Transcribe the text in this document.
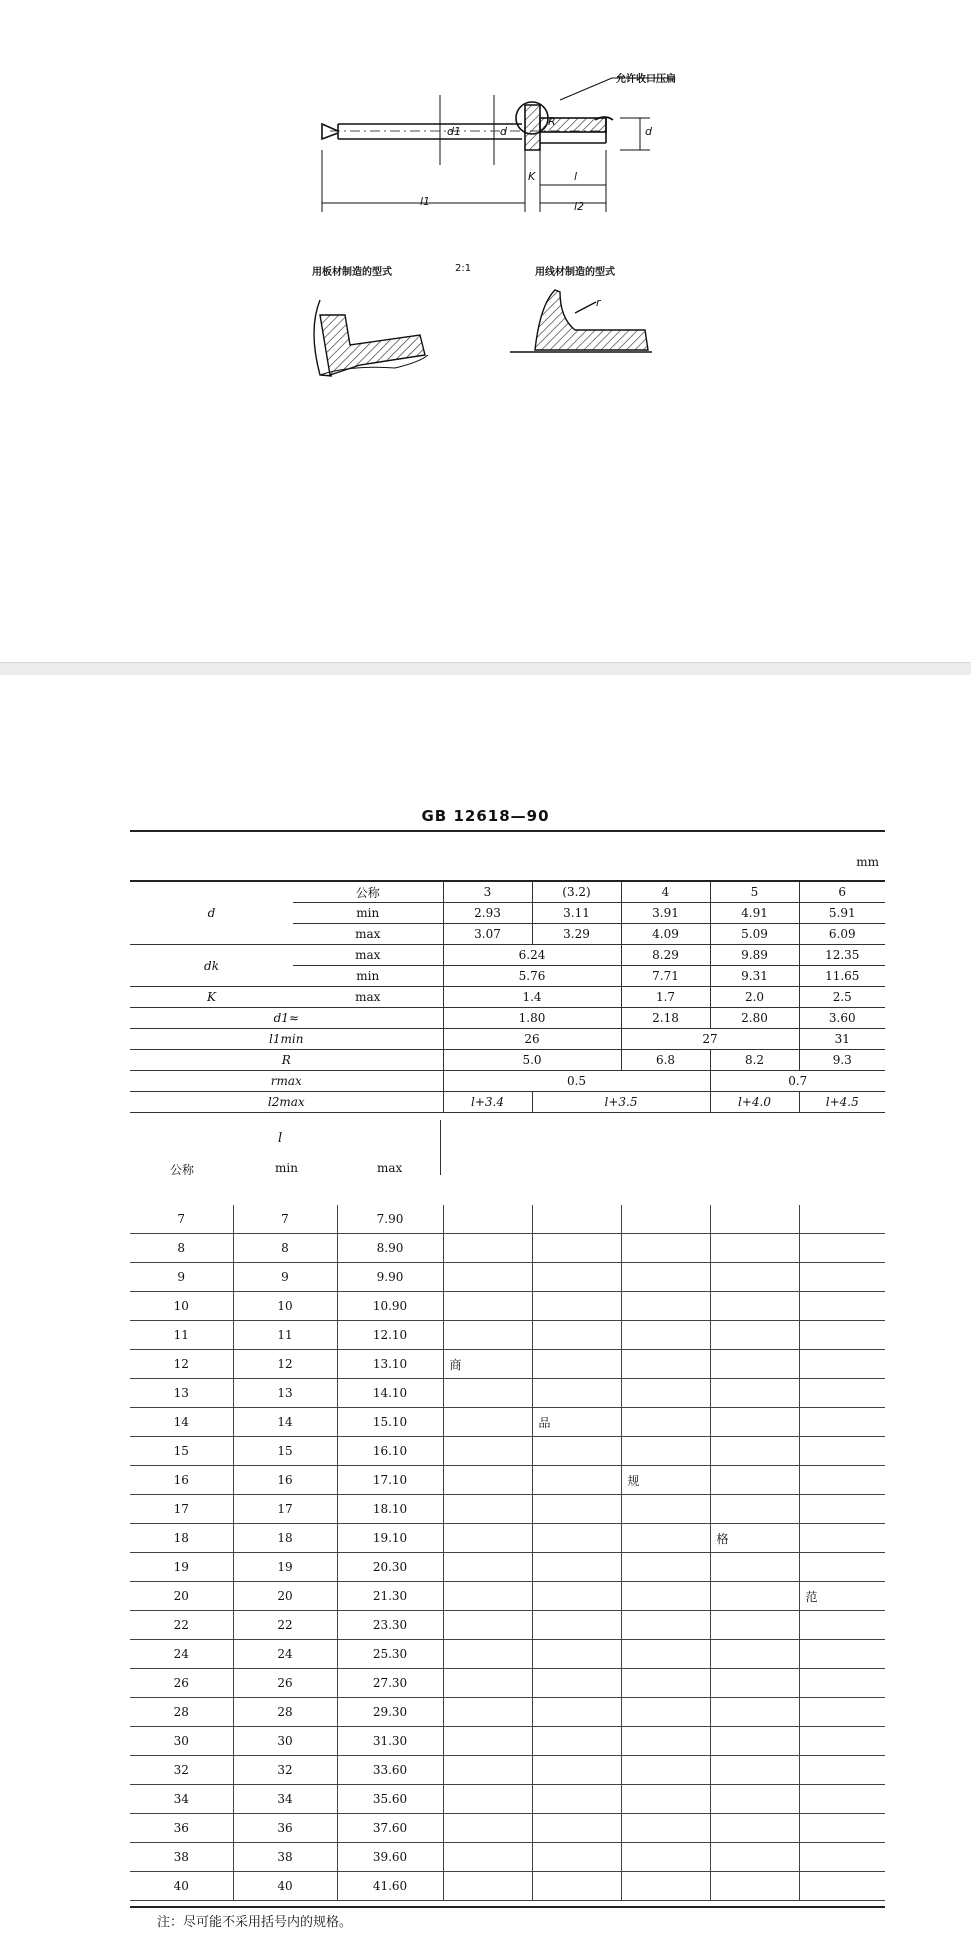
l1
l
l2
K
d1	d	d
R
r
允许收口压扁
用板材制造的型式	2:1	用线材制造的型式
GB 12618—90
mm
d	公称	3	(3.2)	4	5	6
	min	2.93	3.11	3.91	4.91	5.91
	max	3.07	3.29	4.09	5.09	6.09
dk	max	6.24		8.29	9.89	12.35
	min	5.76		7.71	9.31	11.65
K	max	1.4		1.7	2.0	2.5
d1≈		1.80		2.18	2.80	3.60
l1min		26		27		31
R		5.0		6.8	8.2	9.3
rmax		0.5			0.7	
l2max		l+3.4	l+3.5		l+4.0	l+4.5
l
公称	min	max
7	7	7.90					
8	8	8.90					
9	9	9.90					
10	10	10.90					
11	11	12.10					
12	12	13.10	商				
13	13	14.10					
14	14	15.10		品			
15	15	16.10					
16	16	17.10			规		
17	17	18.10					
18	18	19.10				格	
19	19	20.30					
20	20	21.30					范
22	22	23.30					
24	24	25.30					
26	26	27.30					
28	28	29.30					
30	30	31.30					
32	32	33.60					
34	34	35.60					
36	36	37.60					
38	38	39.60					
40	40	41.60					
注：尽可能不采用括号内的规格。
